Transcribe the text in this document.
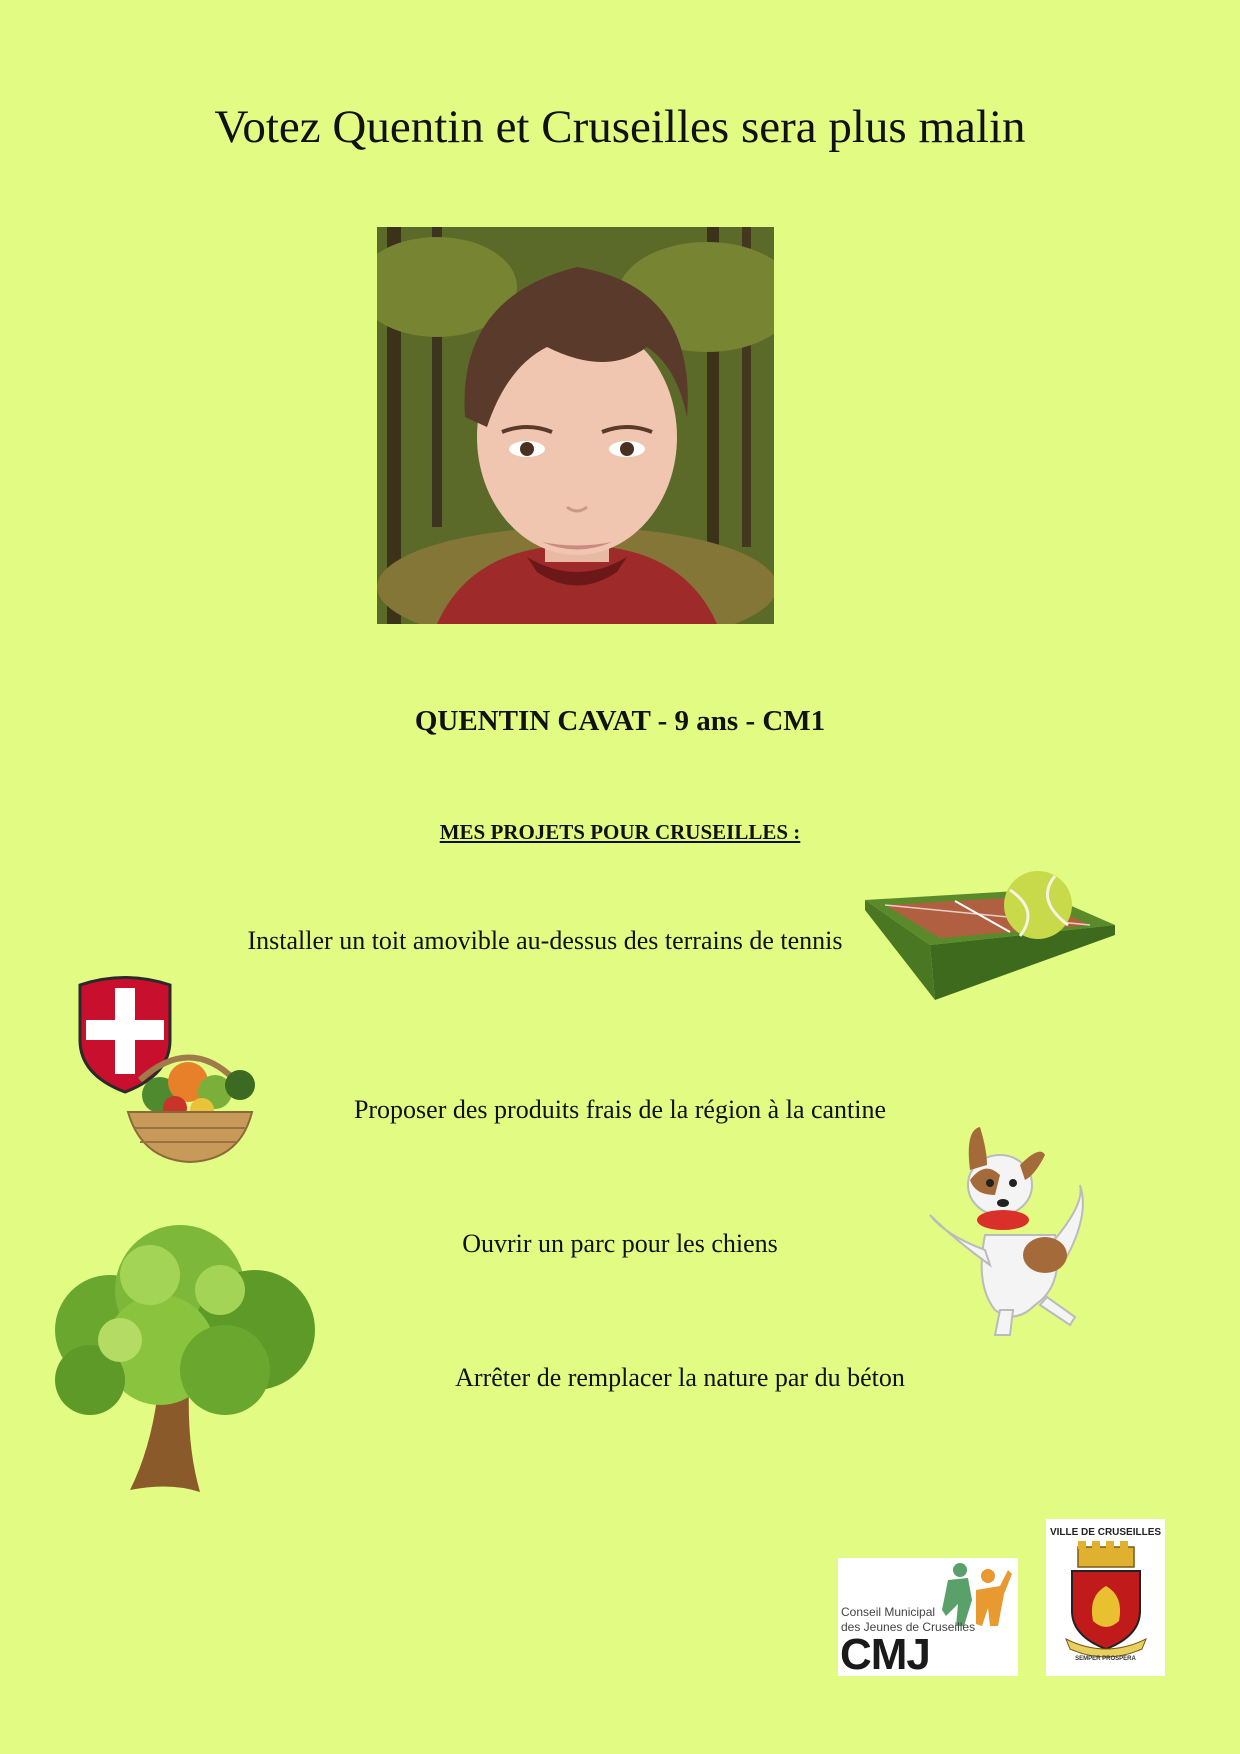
Votez Quentin et Cruseilles sera plus malin
QUENTIN CAVAT - 9 ans - CM1
MES PROJETS POUR CRUSEILLES :
Installer un toit amovible au-dessus des terrains de tennis
Proposer des produits frais de la région à la cantine
Ouvrir un parc pour les chiens
Arrêter de remplacer la nature par du béton
Conseil Municipal
des Jeunes de Cruseilles
CMJ
VILLE DE CRUSEILLES
SEMPER PROSPERA
